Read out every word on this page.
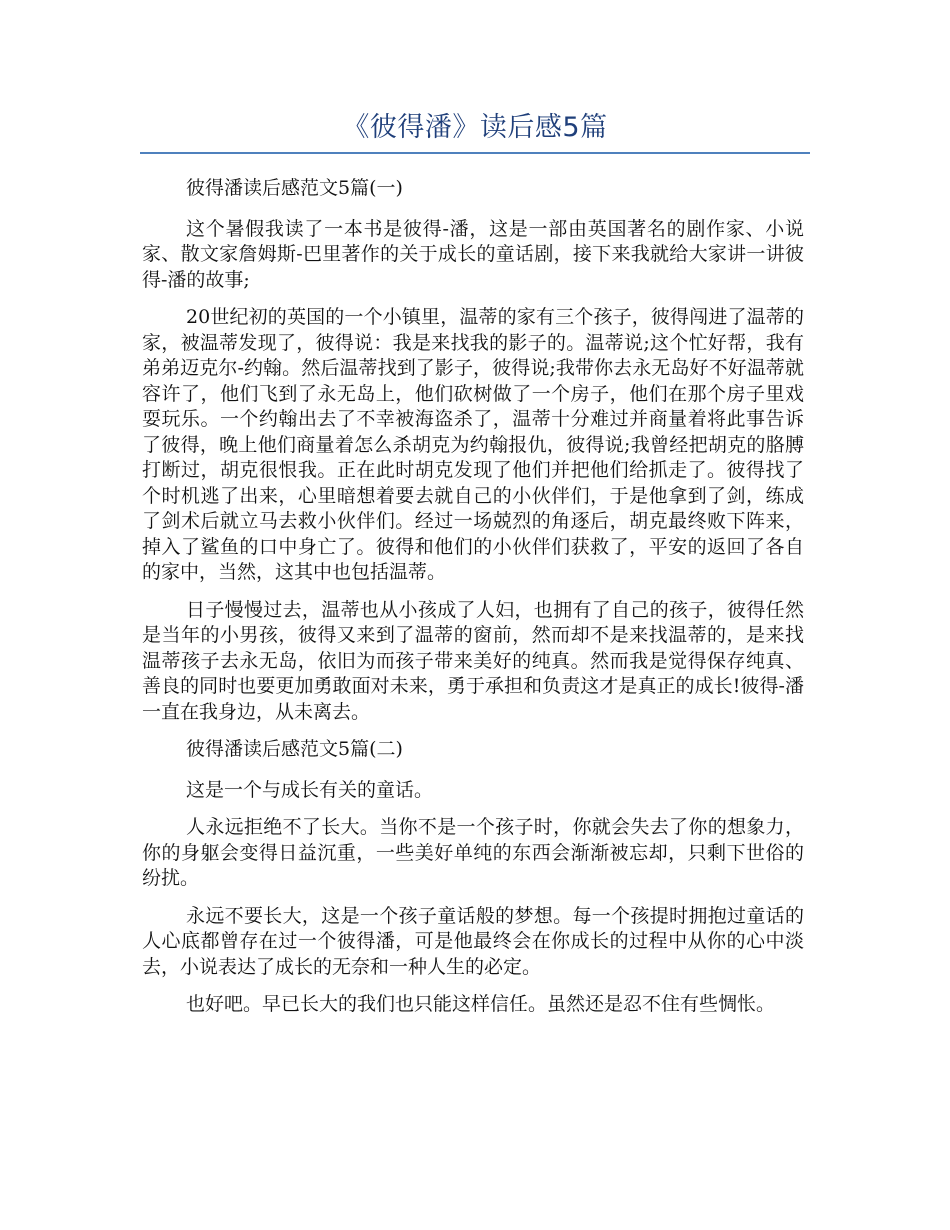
《彼得潘》读后感5篇

彼得潘读后感范文5篇(一)

这个暑假我读了一本书是彼得-潘，这是一部由英国著名的剧作家、小说家、散文家詹姆斯-巴里著作的关于成长的童话剧，接下来我就给大家讲一讲彼得-潘的故事;

20世纪初的英国的一个小镇里，温蒂的家有三个孩子，彼得闯进了温蒂的家，被温蒂发现了，彼得说：我是来找我的影子的。温蒂说;这个忙好帮，我有弟弟迈克尔-约翰。然后温蒂找到了影子，彼得说;我带你去永无岛好不好温蒂就容许了，他们飞到了永无岛上，他们砍树做了一个房子，他们在那个房子里戏耍玩乐。一个约翰出去了不幸被海盗杀了，温蒂十分难过并商量着将此事告诉了彼得，晚上他们商量着怎么杀胡克为约翰报仇，彼得说;我曾经把胡克的胳膊打断过，胡克很恨我。正在此时胡克发现了他们并把他们给抓走了。彼得找了个时机逃了出来，心里暗想着要去就自己的小伙伴们，于是他拿到了剑，练成了剑术后就立马去救小伙伴们。经过一场兢烈的角逐后，胡克最终败下阵来，掉入了鲨鱼的口中身亡了。彼得和他们的小伙伴们获救了，平安的返回了各自的家中，当然，这其中也包括温蒂。

日子慢慢过去，温蒂也从小孩成了人妇，也拥有了自己的孩子，彼得任然是当年的小男孩，彼得又来到了温蒂的窗前，然而却不是来找温蒂的，是来找温蒂孩子去永无岛，依旧为而孩子带来美好的纯真。然而我是觉得保存纯真、善良的同时也要更加勇敢面对未来，勇于承担和负责这才是真正的成长!彼得-潘一直在我身边，从未离去。

彼得潘读后感范文5篇(二)

这是一个与成长有关的童话。

人永远拒绝不了长大。当你不是一个孩子时，你就会失去了你的想象力，你的身躯会变得日益沉重，一些美好单纯的东西会渐渐被忘却，只剩下世俗的纷扰。

永远不要长大，这是一个孩子童话般的梦想。每一个孩提时拥抱过童话的人心底都曾存在过一个彼得潘，可是他最终会在你成长的过程中从你的心中淡去，小说表达了成长的无奈和一种人生的必定。

也好吧。早已长大的我们也只能这样信任。虽然还是忍不住有些惆怅。
